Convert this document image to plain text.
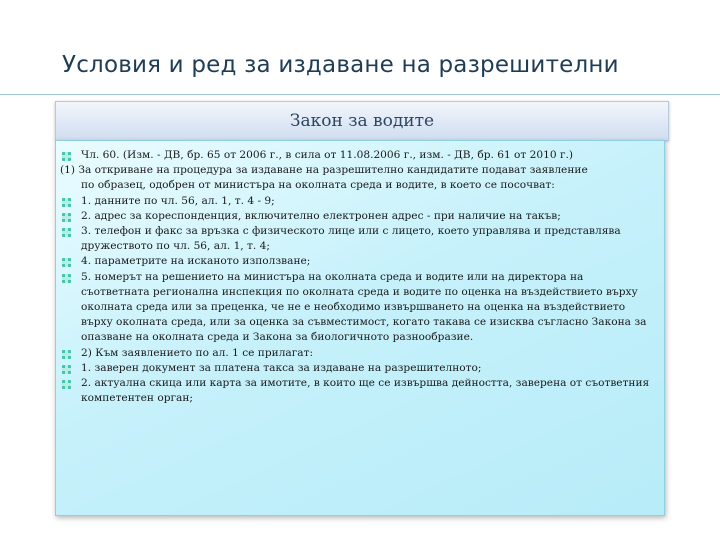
Условия и ред за издаване на разрешителни
Закон за водите
Чл. 60. (Изм. - ДВ, бр. 65 от 2006 г., в сила от 11.08.2006 г., изм. - ДВ, бр. 61 от 2010 г.)
(1) За откриване на процедура за издаване на разрешително кандидатите подават заявление
по образец, одобрен от министъра на околната среда и водите, в което се посочват:
1. данните по чл. 56, ал. 1, т. 4 - 9;
2. адрес за кореспонденция, включително електронен адрес - при наличие на такъв;
3. телефон и факс за връзка с физическото лице или с лицето, което управлява и представлява дружеството по чл. 56, ал. 1, т. 4;
4. параметрите на исканото използване;
5. номерът на решението на министъра на околната среда и водите или на директора на съответната регионална инспекция по околната среда и водите по оценка на въздействието върху околната среда или за преценка, че не е необходимо извършването на оценка на въздействието върху околната среда, или за оценка за съвместимост, когато такава се изисква съгласно Закона за опазване на околната среда и Закона за биологичното разнообразие.
2) Към заявлението по ал. 1 се прилагат:
1. заверен документ за платена такса за издаване на разрешителното;
2. актуална скица или карта за имотите, в които ще се извършва дейността, заверена от съответния компетентен орган;
